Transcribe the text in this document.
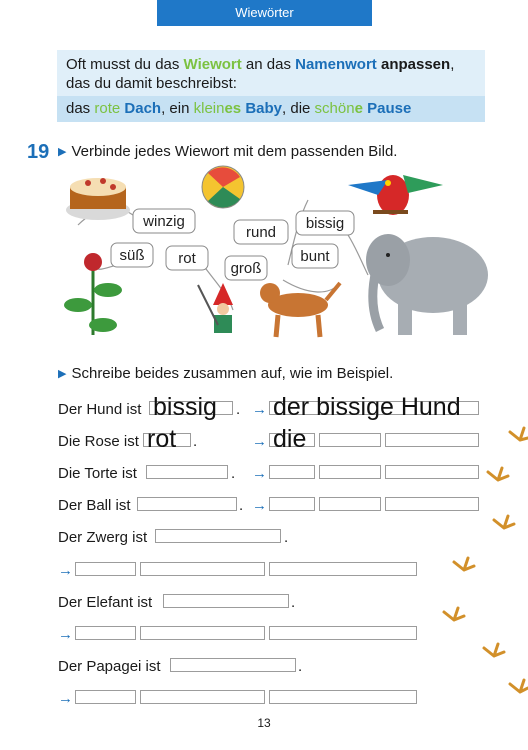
Wiewörter
Oft musst du das Wiewort an das Namenwort anpassen,
das du damit beschreibst:
das rote Dach, ein kleines Baby, die schöne Pause
19 ▶ Verbinde jedes Wiewort mit dem passenden Bild.
winzig
rund
bissig
süß rot
groß
bunt
▶ Schreibe beides zusammen auf, wie im Beispiel.
Der Hund ist bissig . → der bissige Hund
Die Rose ist rot .	→ die
Die Torte ist	. →
Der Ball ist	. →
Der Zwerg ist	.
→
Der Elefant ist	.
→
Der Papagei ist	.
→
13
